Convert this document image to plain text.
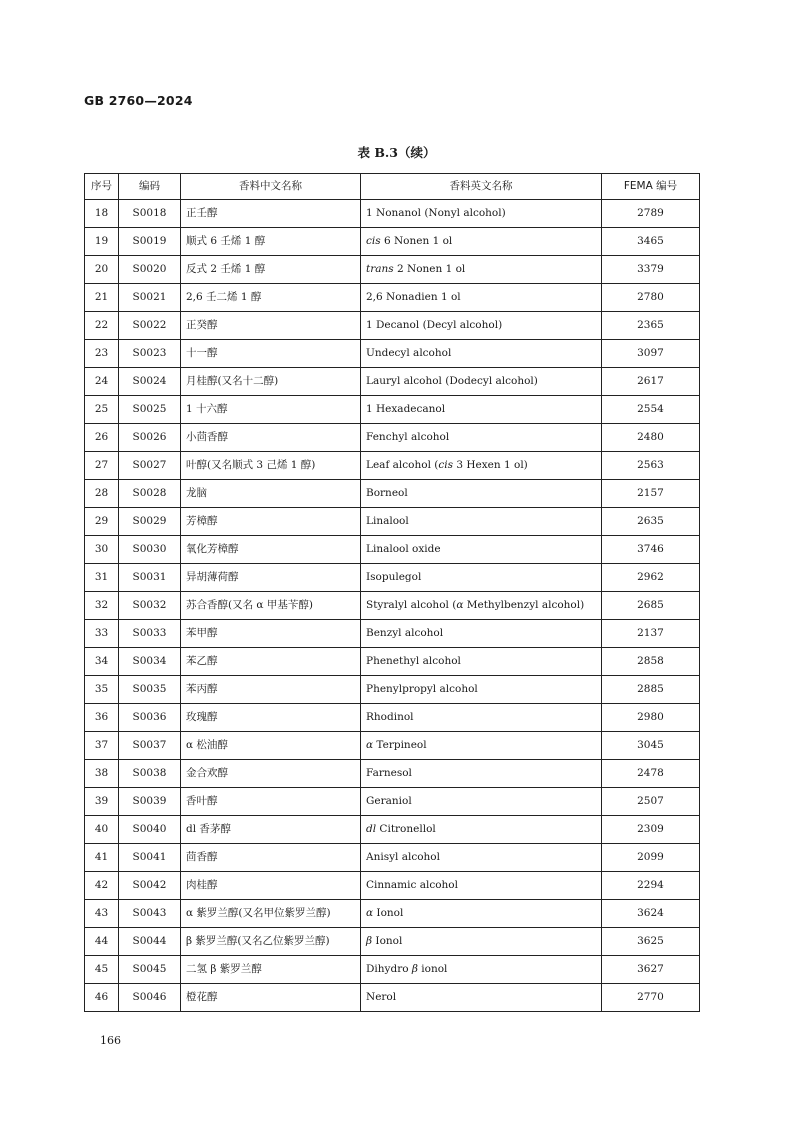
GB 2760—2024
表 B.3（续）
序号	编码	香料中文名称	香料英文名称	FEMA 编号
18	S0018	正壬醇	1 Nonanol (Nonyl alcohol)	2789
19	S0019	顺式 6 壬烯 1 醇	cis 6 Nonen 1 ol	3465
20	S0020	反式 2 壬烯 1 醇	trans 2 Nonen 1 ol	3379
21	S0021	2,6 壬二烯 1 醇	2,6 Nonadien 1 ol	2780
22	S0022	正癸醇	1 Decanol (Decyl alcohol)	2365
23	S0023	十一醇	Undecyl alcohol	3097
24	S0024	月桂醇(又名十二醇)	Lauryl alcohol (Dodecyl alcohol)	2617
25	S0025	1 十六醇	1 Hexadecanol	2554
26	S0026	小茴香醇	Fenchyl alcohol	2480
27	S0027	叶醇(又名顺式 3 己烯 1 醇)	Leaf alcohol (cis 3 Hexen 1 ol)	2563
28	S0028	龙脑	Borneol	2157
29	S0029	芳樟醇	Linalool	2635
30	S0030	氧化芳樟醇	Linalool oxide	3746
31	S0031	异胡薄荷醇	Isopulegol	2962
32	S0032	苏合香醇(又名 α 甲基苄醇)	Styralyl alcohol (α Methylbenzyl alcohol)	2685
33	S0033	苯甲醇	Benzyl alcohol	2137
34	S0034	苯乙醇	Phenethyl alcohol	2858
35	S0035	苯丙醇	Phenylpropyl alcohol	2885
36	S0036	玫瑰醇	Rhodinol	2980
37	S0037	α 松油醇	α Terpineol	3045
38	S0038	金合欢醇	Farnesol	2478
39	S0039	香叶醇	Geraniol	2507
40	S0040	dl 香茅醇	dl Citronellol	2309
41	S0041	茴香醇	Anisyl alcohol	2099
42	S0042	肉桂醇	Cinnamic alcohol	2294
43	S0043	α 紫罗兰醇(又名甲位紫罗兰醇)	α Ionol	3624
44	S0044	β 紫罗兰醇(又名乙位紫罗兰醇)	β Ionol	3625
45	S0045	二氢 β 紫罗兰醇	Dihydro β ionol	3627
46	S0046	橙花醇	Nerol	2770
166
